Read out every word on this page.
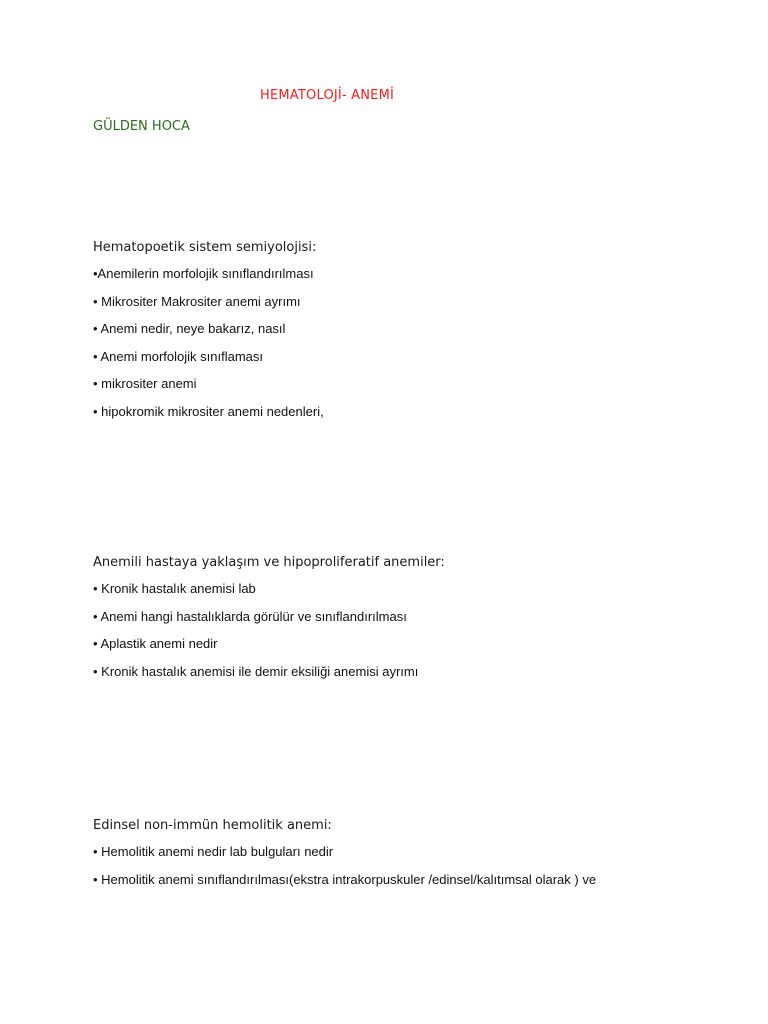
HEMATOLOJİ- ANEMİ
GÜLDEN HOCA
Hematopoetik sistem semiyolojisi:
•Anemilerin morfolojik sınıflandırılması
• Mikrositer Makrositer anemi ayrımı
• Anemi nedir, neye bakarız, nasıl
• Anemi morfolojik sınıflaması
• mikrositer anemi
• hipokromik mikrositer anemi nedenleri,
Anemili hastaya yaklaşım ve hipoproliferatif anemiler:
• Kronik hastalık anemisi lab
• Anemi hangi hastalıklarda görülür ve sınıflandırılması
• Aplastik anemi nedir
• Kronik hastalık anemisi ile demir eksiliği anemisi ayrımı
Edinsel non-immün hemolitik anemi:
• Hemolitik anemi nedir lab bulguları nedir
• Hemolitik anemi sınıflandırılması(ekstra intrakorpuskuler /edinsel/kalıtımsal olarak ) ve
